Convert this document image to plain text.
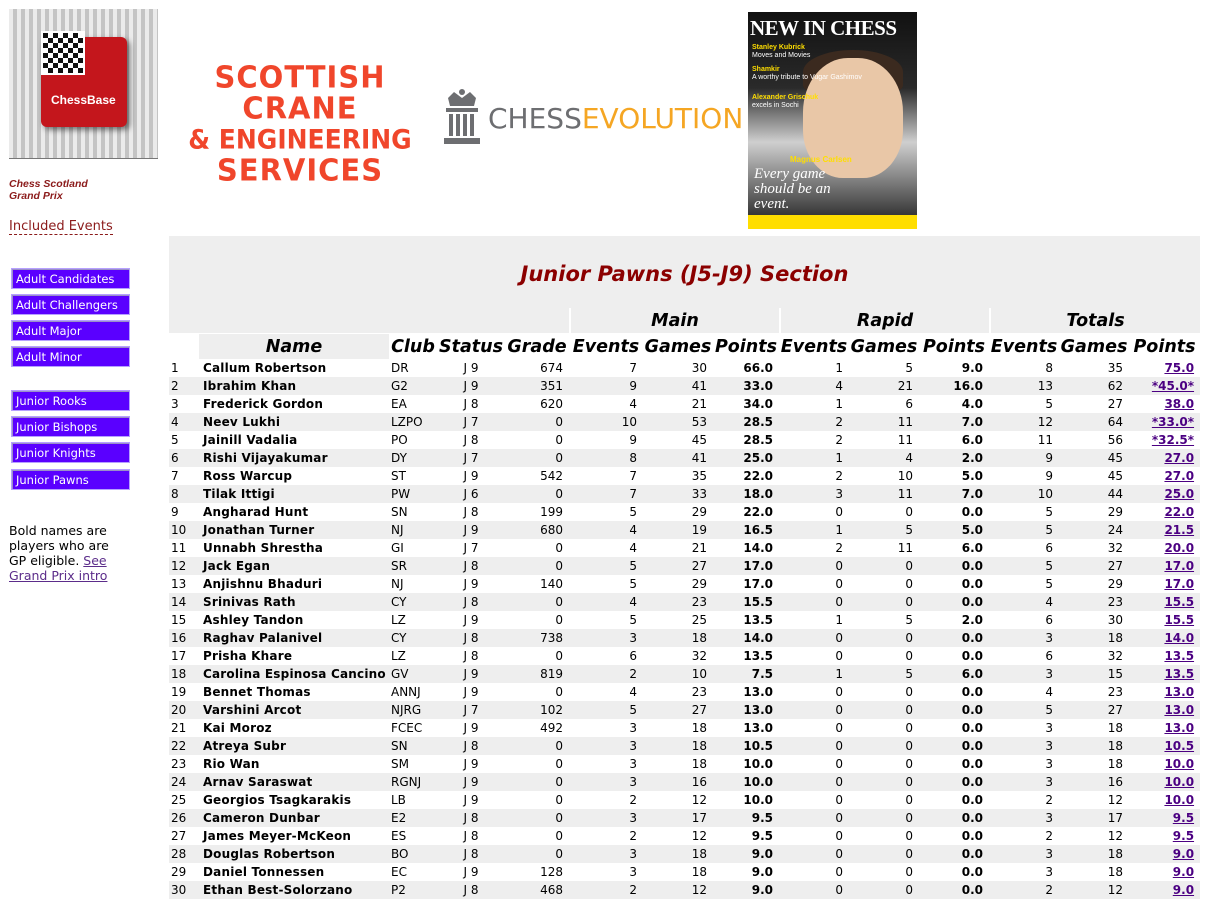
ChessBase
Chess Scotland
Grand Prix
Included Events
SCOTTISH
CRANE
& ENGINEERING
SERVICES
CHESSEVOLUTION
NEW IN CHESS
Stanley Kubrick
Moves and Movies
Shamkir
A worthy tribute to Vugar Gashimov
Alexander Grischuk
excels in Sochi
Magnus Carlsen
Every game should be an event.
Adult Candidates
Adult Challengers
Adult Major
Adult Minor
Junior Rooks
Junior Bishops
Junior Knights
Junior Pawns
Bold names are players who are GP eligible. See
Grand Prix intro
Junior Pawns (J5-J9) Section
					Main			Rapid			Totals		
	Name	Club	Status	Grade	Events	Games	Points	Events	Games	Points	Events	Games	Points
1	Callum Robertson	DR	J 9	674	7	30	66.0	1	5	9.0	8	35	75.0
2	Ibrahim Khan	G2	J 9	351	9	41	33.0	4	21	16.0	13	62	*45.0*
3	Frederick Gordon	EA	J 8	620	4	21	34.0	1	6	4.0	5	27	38.0
4	Neev Lukhi	LZPO	J 7	0	10	53	28.5	2	11	7.0	12	64	*33.0*
5	Jainill Vadalia	PO	J 8	0	9	45	28.5	2	11	6.0	11	56	*32.5*
6	Rishi Vijayakumar	DY	J 7	0	8	41	25.0	1	4	2.0	9	45	27.0
7	Ross Warcup	ST	J 9	542	7	35	22.0	2	10	5.0	9	45	27.0
8	Tilak Ittigi	PW	J 6	0	7	33	18.0	3	11	7.0	10	44	25.0
9	Angharad Hunt	SN	J 8	199	5	29	22.0	0	0	0.0	5	29	22.0
10	Jonathan Turner	NJ	J 9	680	4	19	16.5	1	5	5.0	5	24	21.5
11	Unnabh Shrestha	GI	J 7	0	4	21	14.0	2	11	6.0	6	32	20.0
12	Jack Egan	SR	J 8	0	5	27	17.0	0	0	0.0	5	27	17.0
13	Anjishnu Bhaduri	NJ	J 9	140	5	29	17.0	0	0	0.0	5	29	17.0
14	Srinivas Rath	CY	J 8	0	4	23	15.5	0	0	0.0	4	23	15.5
15	Ashley Tandon	LZ	J 9	0	5	25	13.5	1	5	2.0	6	30	15.5
16	Raghav Palanivel	CY	J 8	738	3	18	14.0	0	0	0.0	3	18	14.0
17	Prisha Khare	LZ	J 8	0	6	32	13.5	0	0	0.0	6	32	13.5
18	Carolina Espinosa Cancino	GV	J 9	819	2	10	7.5	1	5	6.0	3	15	13.5
19	Bennet Thomas	ANNJ	J 9	0	4	23	13.0	0	0	0.0	4	23	13.0
20	Varshini Arcot	NJRG	J 7	102	5	27	13.0	0	0	0.0	5	27	13.0
21	Kai Moroz	FCEC	J 9	492	3	18	13.0	0	0	0.0	3	18	13.0
22	Atreya Subr	SN	J 8	0	3	18	10.5	0	0	0.0	3	18	10.5
23	Rio Wan	SM	J 9	0	3	18	10.0	0	0	0.0	3	18	10.0
24	Arnav Saraswat	RGNJ	J 9	0	3	16	10.0	0	0	0.0	3	16	10.0
25	Georgios Tsagkarakis	LB	J 9	0	2	12	10.0	0	0	0.0	2	12	10.0
26	Cameron Dunbar	E2	J 8	0	3	17	9.5	0	0	0.0	3	17	9.5
27	James Meyer-McKeon	ES	J 8	0	2	12	9.5	0	0	0.0	2	12	9.5
28	Douglas Robertson	BO	J 8	0	3	18	9.0	0	0	0.0	3	18	9.0
29	Daniel Tonnessen	EC	J 9	128	3	18	9.0	0	0	0.0	3	18	9.0
30	Ethan Best-Solorzano	P2	J 8	468	2	12	9.0	0	0	0.0	2	12	9.0
